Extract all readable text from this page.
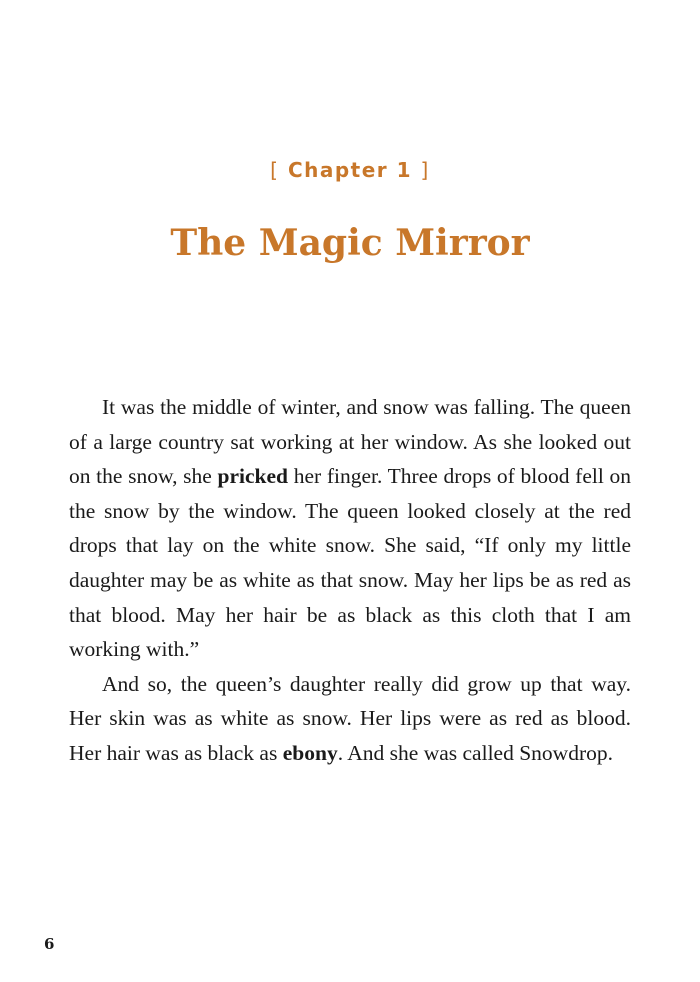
[ Chapter 1 ]
The Magic Mirror

It was the middle of winter, and snow was falling. The queen of a large country sat working at her window. As she looked out on the snow, she pricked her finger. Three drops of blood fell on the snow by the window. The queen looked closely at the red drops that lay on the white snow. She said, “If only my little daughter may be as white as that snow. May her lips be as red as that blood. May her hair be as black as this cloth that I am working with.”

And so, the queen’s daughter really did grow up that way. Her skin was as white as snow. Her lips were as red as blood. Her hair was as black as ebony. And she was called Snowdrop.

6
